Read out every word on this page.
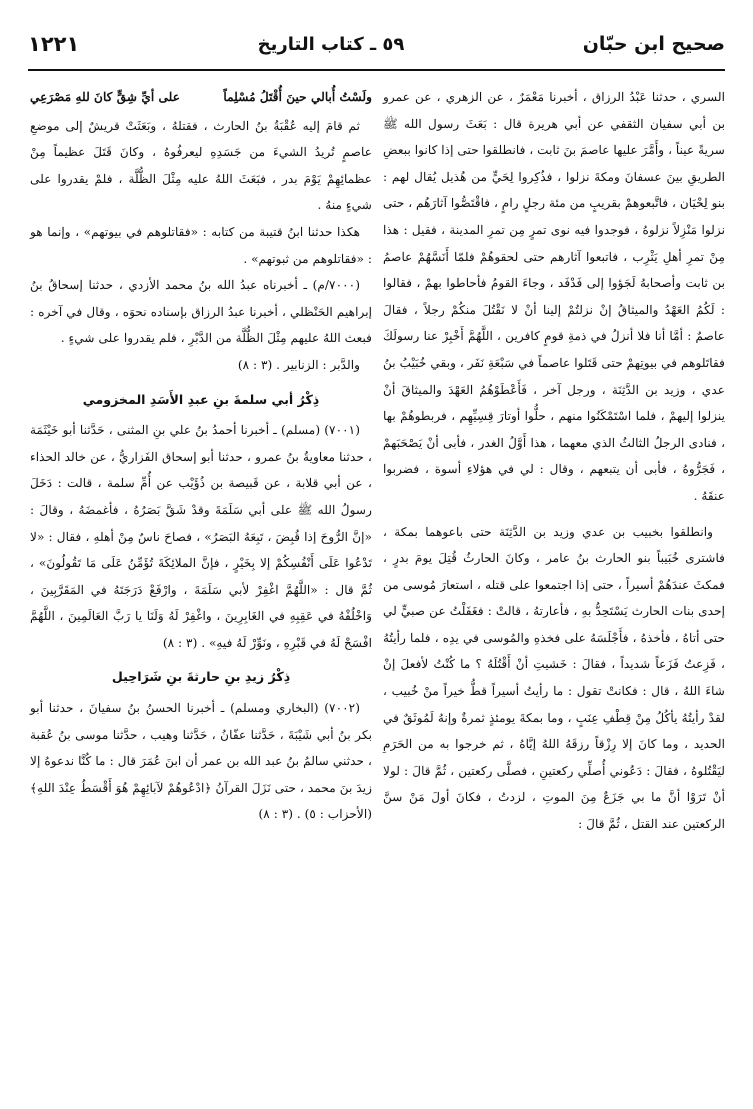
صحيح ابن حبّان
٥٩ ـ كتاب التاريخ
١٢٢١

السري ، حدثنا عَبْدُ الرزاق ، أخبرنا مَعْمَرٌ ، عن الزهري ، عن عمرو بن أبي سفيان الثقفي عن أبي هريرة قال : بَعَثَ رسول الله ﷺ سريةً عيناً ، وأَمَّرَ عليها عاصمَ بنَ ثابت ، فانطلقوا حتى إذا كانوا ببعضِ الطريقِ بينَ عسفانَ ومكةَ نزلوا ، فذُكِروا لِحَيٍّ من هُذيل يُقال لهم : بنو لِحْيَان ، فاتَّبعوهمْ بقريبٍ من مئة رجلٍ رامٍ ، فاقْتَصُّوا آثارَهُم ، حتى نزلوا مَنْزِلاً نزلوهُ ، فوجدوا فيه نوى تمرٍ مِن تمرِ المدينة ، فقيل : هذا مِنْ تمرِ أهلِ يَثْرِب ، فاتبعوا آثارهم حتى لحقوهُمْ فلمّا أَنَسَّهُمْ عاصمُ بن ثابت وأصحابهُ لَجَؤوا إلى فَدْفَد ، وجاءَ القومُ فأحاطوا بهمْ ، فقالوا : لَكُمُ العَهْدُ والميثاقُ إنْ نزلتُمْ إلينا أنْ لا نَقْتُلَ منكُمْ رجلاً ، فقالَ عاصمٌ : أمَّا أنا فلا أنزلُ في ذمةِ قومٍ كافرين ، اللَّهُمَّ أَخْبِرْ عنا رسولَكَ فقاتَلوهم في بيوتِهمْ حتى قَتَلوا عاصماً في سَبْعَةِ نَفَر ، وبقي خُبَيْبُ بنُ عدي ، وزيد بن الدَّثِنَة ، ورجل آخر ، فَأَعْطَوْهُمُ العَهْدَ والميثاقَ أنْ ينزلوا إليهمْ ، فلما اسْتَمْكَنُوا منهم ، حلُّوا أوتارَ قِسِيِّهِم ، فربطوهُمْ بها ، فنادى الرجلُ الثالثُ الذي معهما ، هذا أَوَّلُ الغدر ، فأبى أنْ يَصْحَبَهمْ ، فَجَرُّوهُ ، فأبى أن يتبعهم ، وقال : لي في هؤلاءِ أسوة ، فضربوا عنقَهُ .

وانطلقوا بخبيب بن عدي وزيد بن الدَّثِنَة حتى باعوهما بمكة ، فاشترى خُبَيباً بنو الحارث بنُ عامر ، وكانَ الحارثُ قُتِلَ يومَ بدرٍ ، فمكثَ عندَهُمْ أسيراً ، حتى إذا اجتمعوا على قتله ، استعارَ مُوسى من إحدى بنات الحارث يَسْتَحِدُّ بهِ ، فأعارتهُ ، قالتْ : فغَفَلْتُ عن صبيٍّ لي حتى أتاهُ ، فأخذهُ ، فأَجْلَسَهُ على فخذهِ والمُوسى في يدِه ، فلما رأيتُهُ ، فَزِعتُ فَزَعاً شديداً ، فقالَ : خَشيتِ أنْ أَقْتُلَهُ ؟ ما كُنْتُ لأفعلَ إنْ شاءَ اللهُ ، قال : فكانتْ تقول : ما رأيتُ أسيراً قطُّ خيراً منْ خُبيب ، لقدْ رأيتُهُ يأكُلُ مِنْ قِطْفِ عِنَبٍ ، وما بمكةَ يومئذٍ ثمرةٌ وإنهُ لَمُوثَقٌ في الحديد ، وما كانَ إلا رِزْقاً رزقَهُ اللهُ إيَّاهُ ، ثم خرجوا به من الحَرَمِ ليَقْتُلوهُ ، فقالَ : دَعُوني أُصلِّي ركعتينِ ، فصلَّى ركعتين ، ثُمَّ قالَ : لولا أنْ تَرَوْا أنَّ ما بي جَزَعٌ مِنَ الموتِ ، لزدتُ ، فكانَ أولَ مَنْ سنَّ الركعتين عند القتل ، ثُمَّ قالَ :

ولَسْتُ أُبالي حينَ أُقْتَلُ مُسْلِماً
على أيِّ شِقٍّ كانَ للهِ مَصْرَعِي

ثم قامَ إليه عُقْبَةُ بنُ الحارث ، فقتلهُ ، وبَعَثَتْ قريشٌ إلى موضعِ عاصمٍ تُريدُ الشيءَ من جَسَدِهِ ليعرفُوهُ ، وكانَ قَتَلَ عظيماً مِنْ عظمائِهِمْ يَوْمَ بدر ، فبَعَثَ اللهُ عليه مِثْلَ الظُّلَّة ، فلمْ يقدروا على شيءٍ منهُ .

هكذا حدثنا ابنُ قتيبة من كتابه : «فقاتلوهم في بيوتهم» ، وإنما هو : «فقاتلوهم من ثبوتهم» .

(٧٠٠٠/م) ـ أخبرناه عبدُ الله بنُ محمد الأزدي ، حدثنا إسحاقُ بنُ إبراهيم الحَنْظلي ، أخبرنا عبدُ الرزاق بإسناده نحوَه ، وقال في آخره : فبعث اللهُ عليهم مِثْلَ الظُّلَّة من الدَّبْرِ ، فلم يقدروا على شيءٍ .

والدَّبر : الزنابير . (٣ : ٨)

ذِكْرُ أبي سلمةَ بنِ عبدِ الأَسَدِ المخزومي

(٧٠٠١) (مسلم) ـ أخبرنا أحمدُ بنُ علي بنِ المثنى ، حَدَّثنا أبو خَيْثَمَة ، حدثنا معاويةُ بنُ عمرو ، حدثنا أبو إسحاق الفَزاريُّ ، عن خالد الحذاء ، عن أبي قلابة ، عن قَبيصة بن ذُؤَيْب عن أُمِّ سلمة ، قالت : دَخَلَ رسولُ الله ﷺ على أبي سَلَمَةَ وقدْ شَقَّ بَصَرُهُ ، فأغمضَهُ ، وقالَ : «إنَّ الرُّوحَ إذا قُبِضَ ، تَبِعَهُ البَصَرُ» ، فصاحَ ناسٌ مِنْ أهلهِ ، فقال : «لا تَدْعُوا عَلَى أَنْفُسِكُمْ إلا بِخَيْرٍ ، فإنَّ الملائِكَةَ تُؤَمِّنُ عَلَى مَا تَقُولُونَ» ، ثُمَّ قال : «اللَّهُمَّ اغْفِرْ لأبي سَلَمَةَ ، وارْفَعْ دَرَجَتَهُ في المَقَرَّبِينَ ، وَاخْلُفْهُ في عَقِبِهِ في الغَابِرِينَ ، واغْفِرْ لَهُ وَلَنَا يا رَبَّ العَالَمِينَ ، اللَّهُمَّ افْسَحْ لَهُ في قَبْرِهِ ، ونَوِّرْ لَهُ فيهِ» . (٣ : ٨)

ذِكْرُ زيدِ بنِ حارثةَ بنِ شَرَاحِيل

(٧٠٠٢) (البخاري ومسلم) ـ أخبرنا الحسنُ بنُ سفيانَ ، حدثنا أبو بكر بنُ أبي شَيْبَةَ ، حَدَّثنا عفّانُ ، حَدَّثنا وهيب ، حدَّثنا موسى بنُ عُقبة ، حدثني سالمُ بنُ عبد الله بن عمر أن ابنَ عُمَرَ قال : ما كُنَّا ندعوهُ إلا زيدَ بنَ محمد ، حتى نَزَلَ القرآنُ ﴿ادْعُوهُمْ لآبائِهِمْ هُوَ أَقْسَطُ عِنْدَ اللهِ﴾ (الأحزاب : ٥) . (٣ : ٨)
